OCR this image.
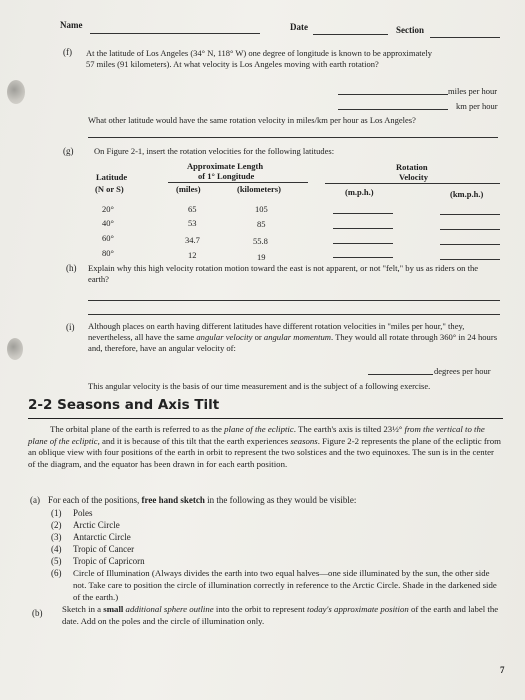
Name	Date	Section
(f) At the latitude of Los Angeles (34° N, 118° W) one degree of longitude is known to be approximately
57 miles (91 kilometers). At what velocity is Los Angeles moving with earth rotation?
miles per hour
km per hour
What other latitude would have the same rotation velocity in miles/km per hour as Los Angeles?
(g) On Figure 2-1, insert the rotation velocities for the following latitudes:
Latitude
(N or S)
Approximate Length
of 1° Longitude
(miles)	(kilometers)
Rotation
Velocity
(m.p.h.)	(km.p.h.)
20°	65	105
40°	53	85
60°	34.7	55.8
80°	12	19
(h) Explain why this high velocity rotation motion toward the east is not apparent, or not "felt," by us as riders on the earth?
(i) Although places on earth having different latitudes have different rotation velocities in "miles per hour," they, nevertheless, all have the same angular velocity or angular momentum. They would all rotate through 360° in 24 hours and, therefore, have an angular velocity of:
degrees per hour
This angular velocity is the basis of our time measurement and is the subject of a following exercise.
2-2 Seasons and Axis Tilt
The orbital plane of the earth is referred to as the plane of the ecliptic. The earth's axis is tilted 23½° from the vertical to the plane of the ecliptic, and it is because of this tilt that the earth experiences seasons. Figure 2-2 represents the plane of the ecliptic from an oblique view with four positions of the earth in orbit to represent the two solstices and the two equinoxes. The sun is in the center of the diagram, and the equator has been drawn in for each earth position.
(a) For each of the positions, free hand sketch in the following as they would be visible:
(1) Poles
(2) Arctic Circle
(3) Antarctic Circle
(4) Tropic of Cancer
(5) Tropic of Capricorn
(6) Circle of Illumination (Always divides the earth into two equal halves—one side illuminated by the sun, the other side not. Take care to position the circle of illumination correctly in reference to the Arctic Circle. Shade in the darkened side of the earth.)
(b) Sketch in a small additional sphere outline into the orbit to represent today's approximate position of the earth and label the date. Add on the poles and the circle of illumination only.
7
